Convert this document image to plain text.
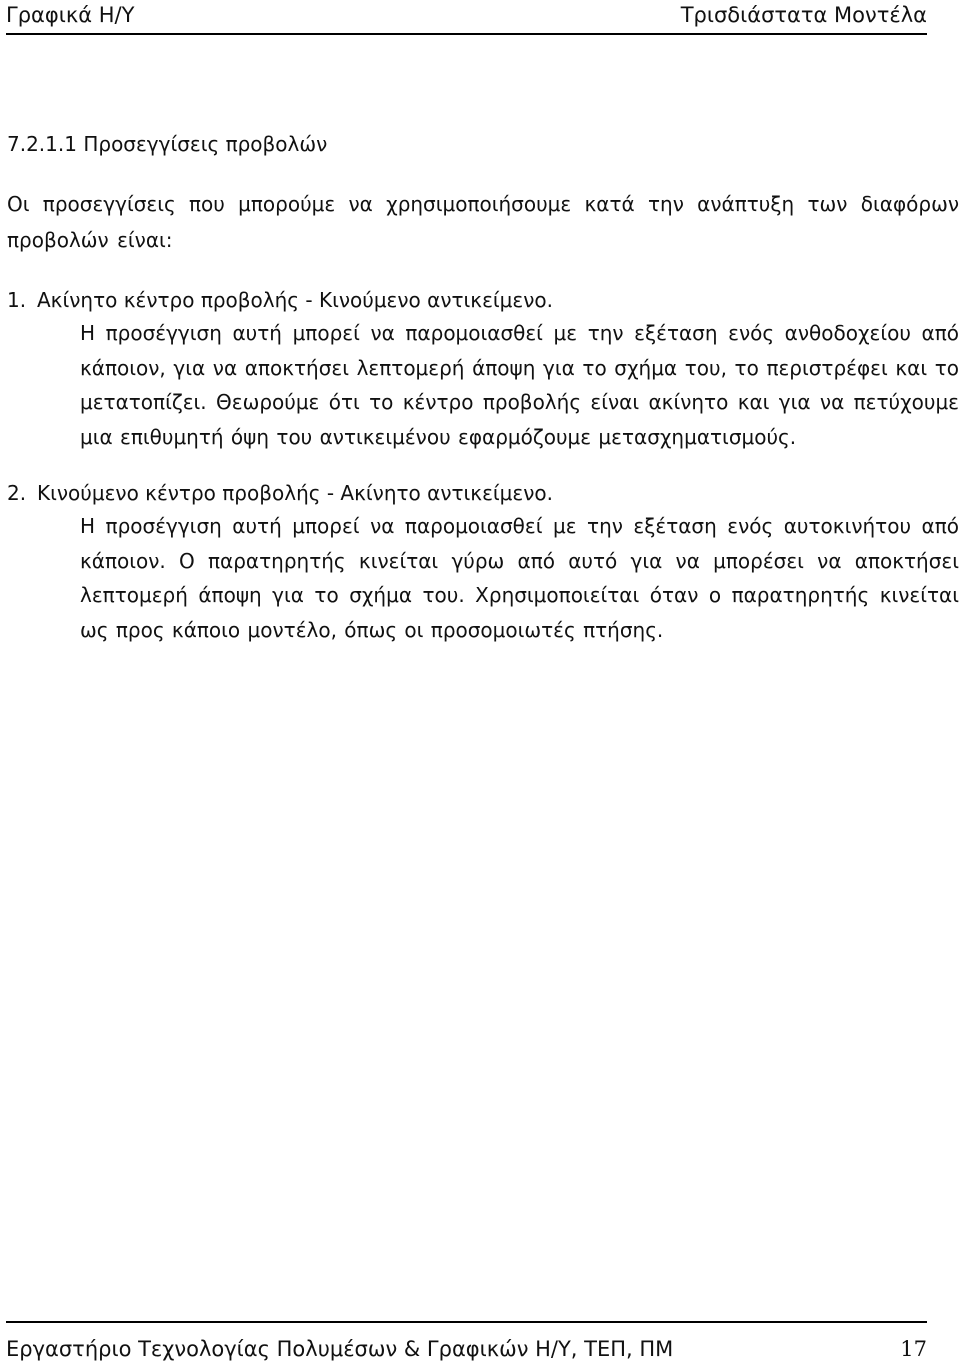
Γραφικά Η/Υ	Τρισδιάστατα Μοντέλα
7.2.1.1 Προσεγγίσεις προβολών

Οι προσεγγίσεις που μπορούμε να χρησιμοποιήσουμε κατά την ανάπτυξη των διαφόρων προβολών είναι:

1. Ακίνητο κέντρο προβολής - Κινούμενο αντικείμενο.
Η προσέγγιση αυτή μπορεί να παρομοιασθεί με την εξέταση ενός ανθοδοχείου από κάποιον, για να αποκτήσει λεπτομερή άποψη για το σχήμα του, το περιστρέφει και το μετατοπίζει. Θεωρούμε ότι το κέντρο προβολής είναι ακίνητο και για να πετύχουμε μια επιθυμητή όψη του αντικειμένου εφαρμόζουμε μετασχηματισμούς.
2. Κινούμενο κέντρο προβολής - Ακίνητο αντικείμενο.
Η προσέγγιση αυτή μπορεί να παρομοιασθεί με την εξέταση ενός αυτοκινήτου από κάποιον. Ο παρατηρητής κινείται γύρω από αυτό για να μπορέσει να αποκτήσει λεπτομερή άποψη για το σχήμα του. Χρησιμοποιείται όταν ο παρατηρητής κινείται ως προς κάποιο μοντέλο, όπως οι προσομοιωτές πτήσης.
Εργαστήριο Τεχνολογίας Πολυμέσων & Γραφικών Η/Υ, ΤΕΠ, ΠΜ	17
